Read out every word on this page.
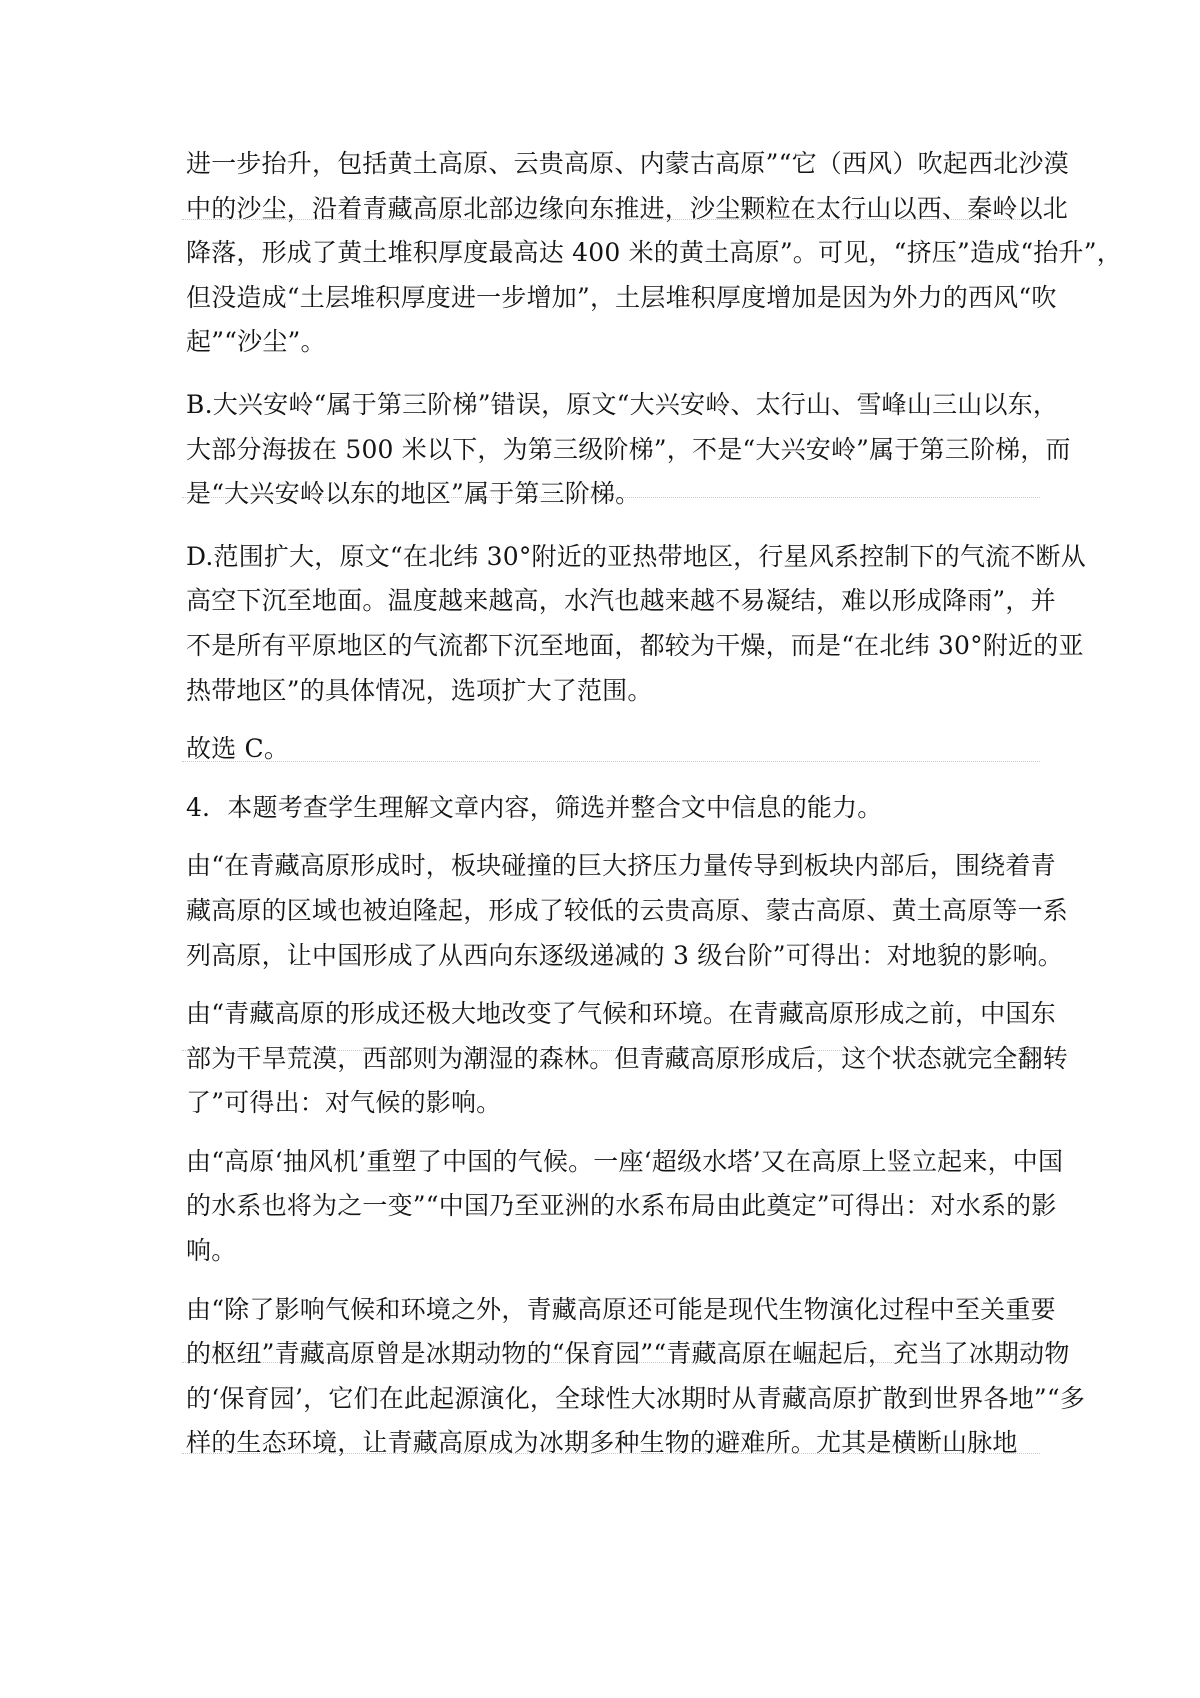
进一步抬升，包括黄土高原、云贵高原、内蒙古高原”“它（西风）吹起西北沙漠
中的沙尘，沿着青藏高原北部边缘向东推进，沙尘颗粒在太行山以西、秦岭以北
降落，形成了黄土堆积厚度最高达 400 米的黄土高原”。可见，“挤压”造成“抬升”，
但没造成“土层堆积厚度进一步增加”，土层堆积厚度增加是因为外力的西风“吹
起”“沙尘”。
B.大兴安岭“属于第三阶梯”错误，原文“大兴安岭、太行山、雪峰山三山以东，
大部分海拔在 500 米以下，为第三级阶梯”，不是“大兴安岭”属于第三阶梯，而
是“大兴安岭以东的地区”属于第三阶梯。
D.范围扩大，原文“在北纬 30°附近的亚热带地区，行星风系控制下的气流不断从
高空下沉至地面。温度越来越高，水汽也越来越不易凝结，难以形成降雨”，并
不是所有平原地区的气流都下沉至地面，都较为干燥，而是“在北纬 30°附近的亚
热带地区”的具体情况，选项扩大了范围。
故选 C。
4．本题考查学生理解文章内容，筛选并整合文中信息的能力。
由“在青藏高原形成时，板块碰撞的巨大挤压力量传导到板块内部后，围绕着青
藏高原的区域也被迫隆起，形成了较低的云贵高原、蒙古高原、黄土高原等一系
列高原，让中国形成了从西向东逐级递减的 3 级台阶”可得出：对地貌的影响。
由“青藏高原的形成还极大地改变了气候和环境。在青藏高原形成之前，中国东
部为干旱荒漠，西部则为潮湿的森林。但青藏高原形成后，这个状态就完全翻转
了”可得出：对气候的影响。
由“高原‘抽风机’重塑了中国的气候。一座‘超级水塔’又在高原上竖立起来，中国
的水系也将为之一变”“中国乃至亚洲的水系布局由此奠定”可得出：对水系的影
响。
由“除了影响气候和环境之外，青藏高原还可能是现代生物演化过程中至关重要
的枢纽”青藏高原曾是冰期动物的“保育园”“青藏高原在崛起后，充当了冰期动物
的‘保育园’，它们在此起源演化，全球性大冰期时从青藏高原扩散到世界各地”“多
样的生态环境，让青藏高原成为冰期多种生物的避难所。尤其是横断山脉地
